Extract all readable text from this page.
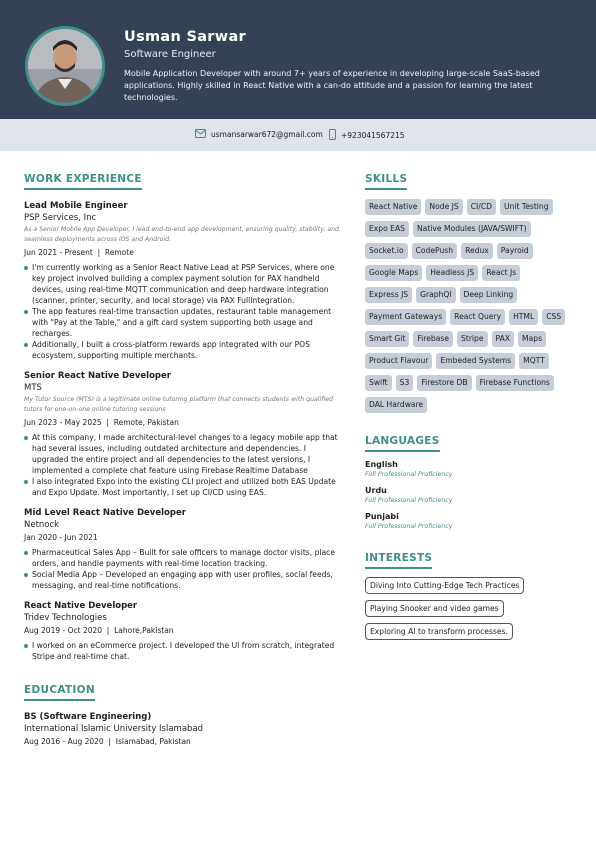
Usman Sarwar
Software Engineer
Mobile Application Developer with around 7+ years of experience in developing large-scale SaaS-based applications. Highly skilled in React Native with a can-do attitude and a passion for learning the latest technologies.
usmansarwar672@gmail.com +923041567215
WORK EXPERIENCE
Lead Mobile Engineer
PSP Services, Inc
As a Senior Mobile App Developer, I lead end-to-end app development, ensuring quality, stability, and seamless deployments across iOS and Android.
Jun 2021 - Present  |  Remote
I'm currently working as a Senior React Native Lead at PSP Services, where one key project involved building a complex payment solution for PAX handheld devices, using real-time MQTT communication and deep hardware integration (scanner, printer, security, and local storage) via PAX FullIntegration.
The app features real-time transaction updates, restaurant table management with "Pay at the Table," and a gift card system supporting both usage and recharges.
Additionally, I built a cross-platform rewards app integrated with our POS ecosystem, supporting multiple merchants.
Senior React Native Developer
MTS
My Tutor Source (MTS) is a legitimate online tutoring platform that connects students with qualified tutors for one-on-one online tutoring sessions
Jun 2023 - May 2025  |  Remote, Pakistan
At this company, I made architectural-level changes to a legacy mobile app that had several issues, including outdated architecture and dependencies. I upgraded the entire project and all dependencies to the latest versions, I implemented a complete chat feature using Firebase Realtime Database
I also integrated Expo into the existing CLI project and utilized both EAS Update and Expo Update. Most importantly, I set up CI/CD using EAS.
Mid Level React Native Developer
Netnock
Jan 2020 - Jun 2021
Pharmaceutical Sales App – Built for sale officers to manage doctor visits, place orders, and handle payments with real-time location tracking.
Social Media App – Developed an engaging app with user profiles, social feeds, messaging, and real-time notifications.
React Native Developer
Tridev Technologies
Aug 2019 - Oct 2020  |  Lahore,Pakistan
I worked on an eCommerce project. I developed the UI from scratch, integrated Stripe and real-time chat.
EDUCATION
BS (Software Engineering)
International Islamic University Islamabad
Aug 2016 - Aug 2020  |  Islamabad, Pakistan
SKILLS
React Native	Node JS	CI/CD	Unit Testing
Expo EAS	Native Modules (JAVA/SWIFT)
Socket.io	CodePush	Redux	Payroid
Google Maps	Headless JS	React Js
Express JS	GraphQl	Deep Linking
Payment Gateways	React Query	HTML	CSS
Smart Git	Firebase	Stripe	PAX	Maps
Product Flavour	Embeded Systems	MQTT
Swift	S3	Firestore DB	Firebase Functions
DAL Hardware
LANGUAGES
English
Full Professional Proficiency
Urdu
Full Professional Proficiency
Punjabi
Full Professional Proficiency
INTERESTS
Diving Into Cutting-Edge Tech Practices
Playing Snooker and video games
Exploring AI to transform processes.
